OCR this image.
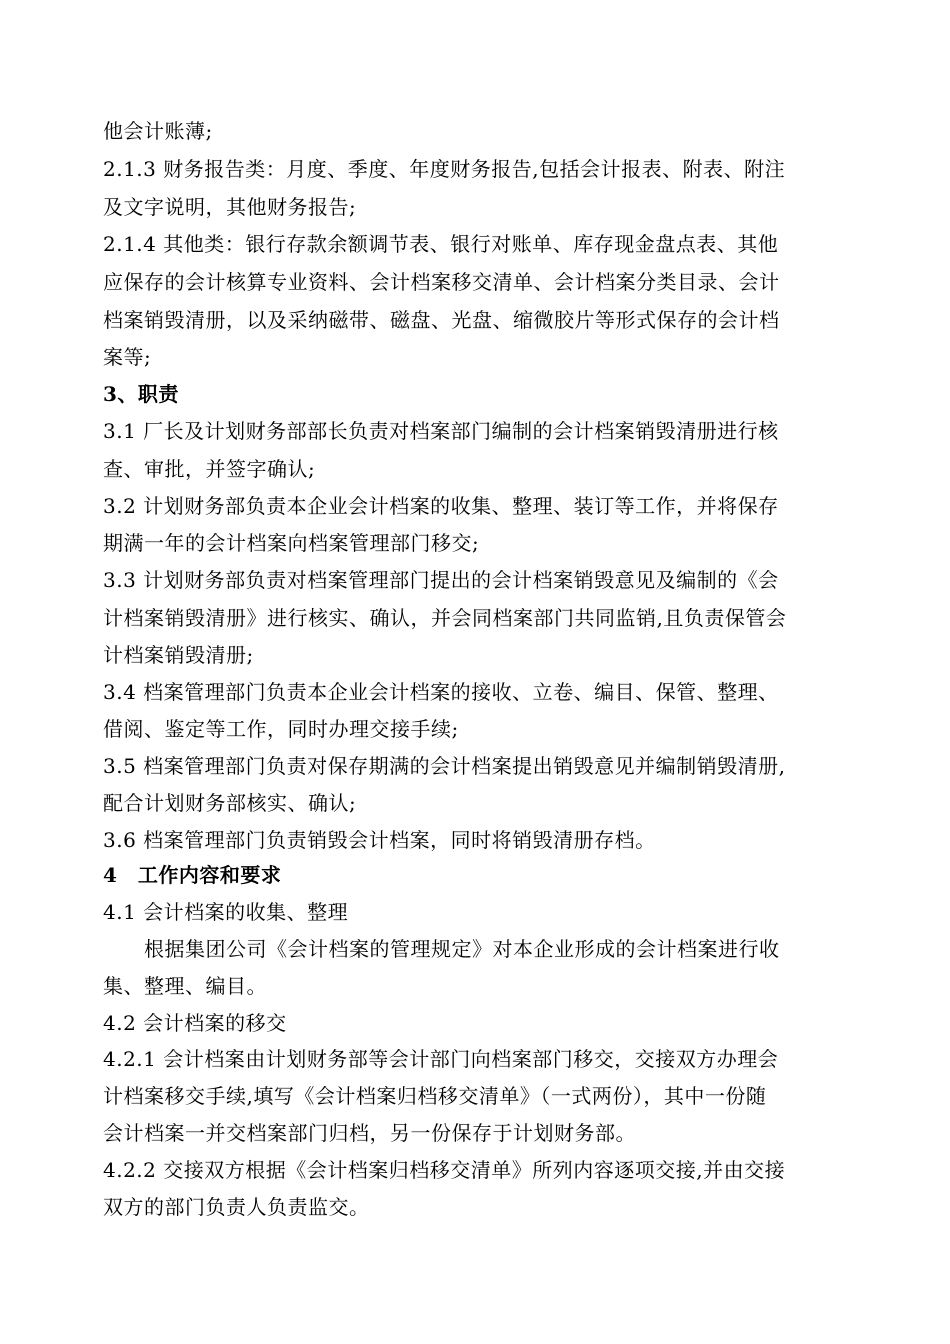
他会计账薄;
2.1.3 财务报告类：月度、季度、年度财务报告,包括会计报表、附表、附注
及文字说明，其他财务报告;
2.1.4 其他类：银行存款余额调节表、银行对账单、库存现金盘点表、其他
应保存的会计核算专业资料、会计档案移交清单、会计档案分类目录、会计
档案销毁清册，以及采纳磁带、磁盘、光盘、缩微胶片等形式保存的会计档
案等;
3、职责
3.1 厂长及计划财务部部长负责对档案部门编制的会计档案销毁清册进行核
查、审批，并签字确认;
3.2 计划财务部负责本企业会计档案的收集、整理、装订等工作，并将保存
期满一年的会计档案向档案管理部门移交;
3.3 计划财务部负责对档案管理部门提出的会计档案销毁意见及编制的《会
计档案销毁清册》进行核实、确认，并会同档案部门共同监销,且负责保管会
计档案销毁清册;
3.4 档案管理部门负责本企业会计档案的接收、立卷、编目、保管、整理、
借阅、鉴定等工作，同时办理交接手续;
3.5 档案管理部门负责对保存期满的会计档案提出销毁意见并编制销毁清册,
配合计划财务部核实、确认;
3.6 档案管理部门负责销毁会计档案，同时将销毁清册存档。
4　工作内容和要求
4.1 会计档案的收集、整理
根据集团公司《会计档案的管理规定》对本企业形成的会计档案进行收
集、整理、编目。
4.2 会计档案的移交
4.2.1 会计档案由计划财务部等会计部门向档案部门移交，交接双方办理会
计档案移交手续,填写《会计档案归档移交清单》（一式两份），其中一份随
会计档案一并交档案部门归档，另一份保存于计划财务部。
4.2.2 交接双方根据《会计档案归档移交清单》所列内容逐项交接,并由交接
双方的部门负责人负责监交。
